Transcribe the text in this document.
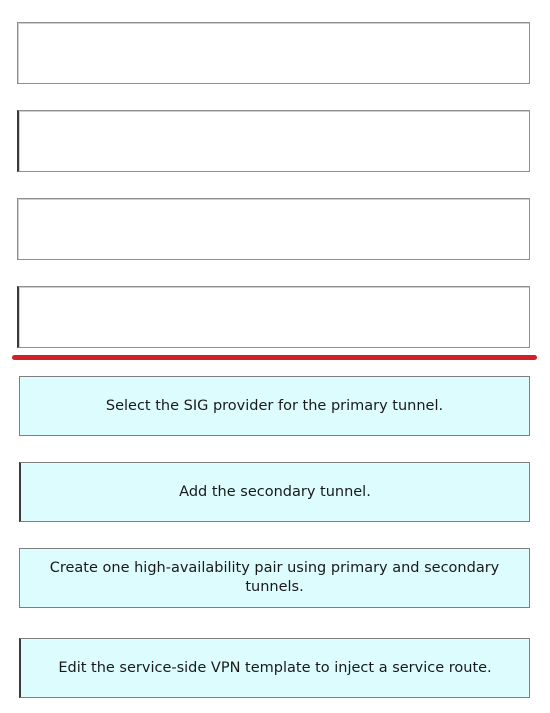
Select the SIG provider for the primary tunnel.
Add the secondary tunnel.
Create one high-availability pair using primary and secondary tunnels.
Edit the service-side VPN template to inject a service route.
